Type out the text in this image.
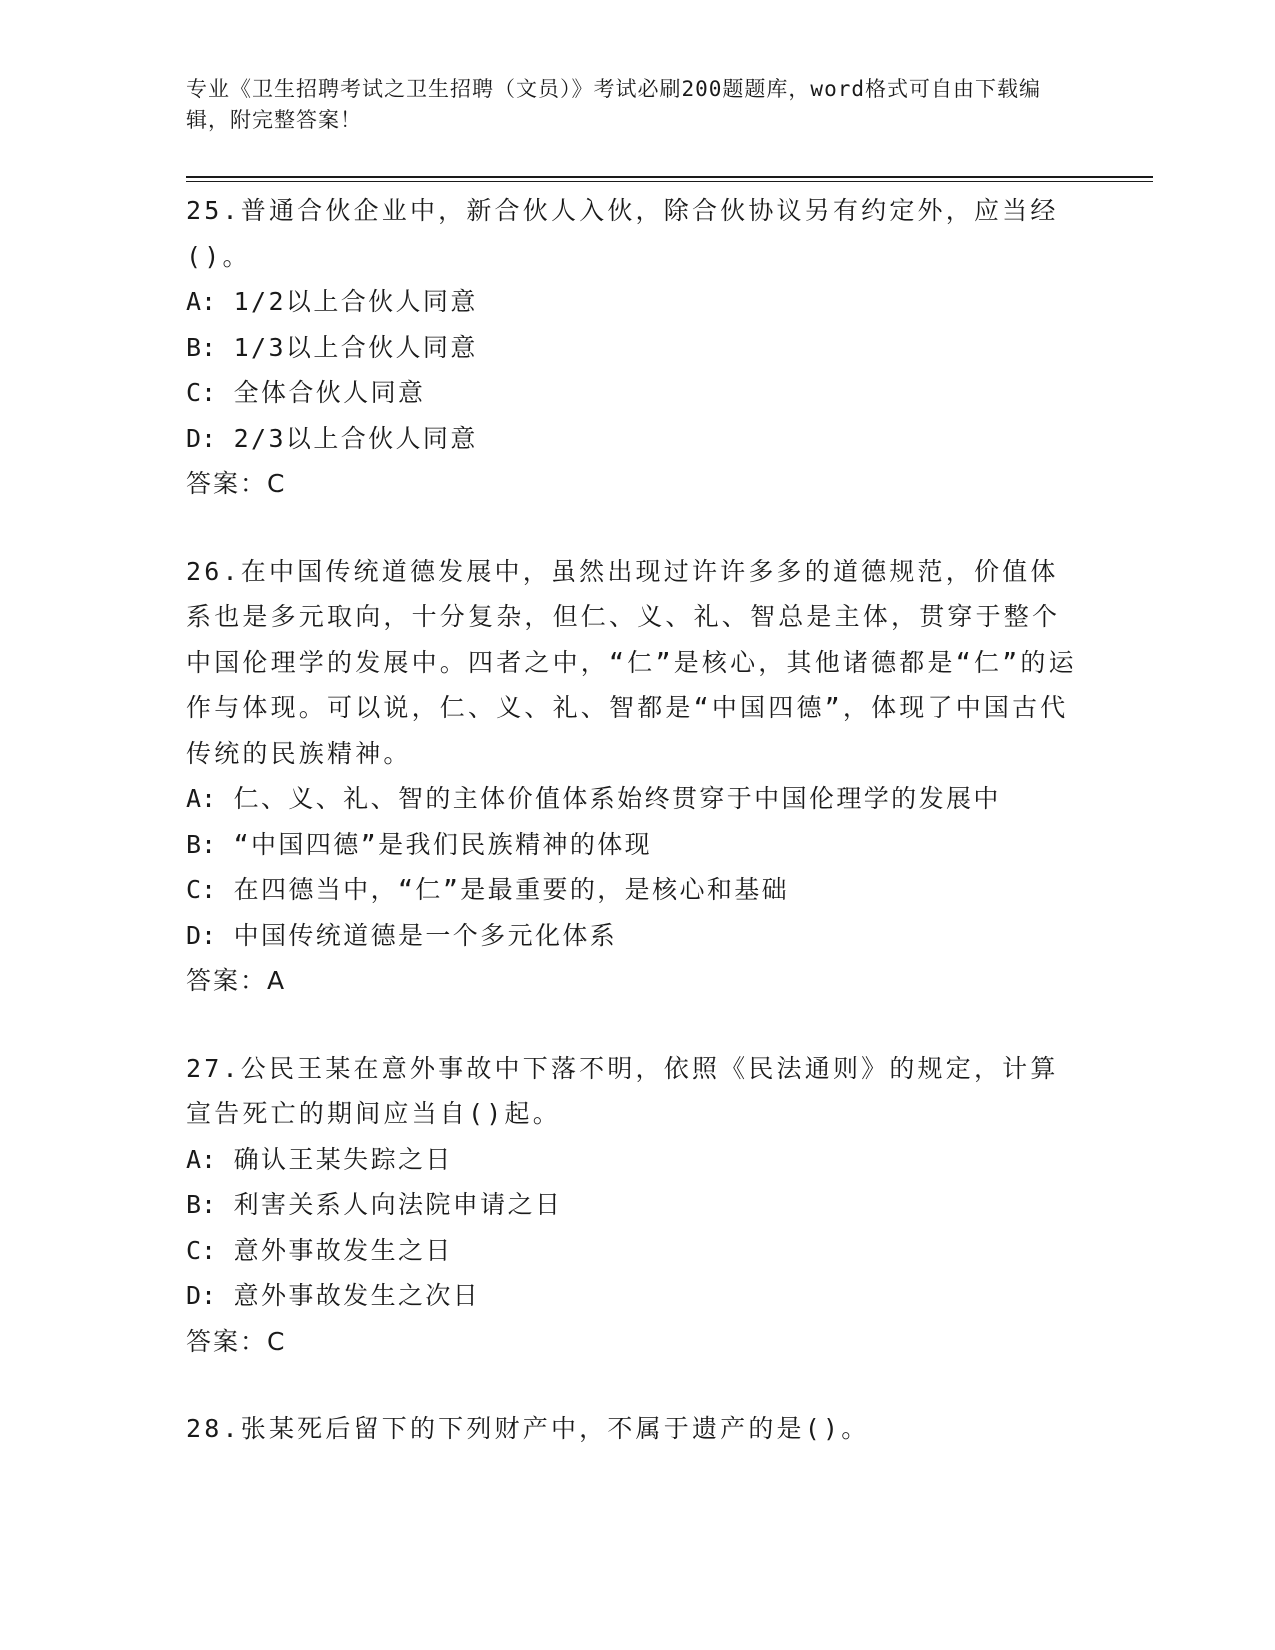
专业《卫生招聘考试之卫生招聘（文员）》考试必刷200题题库，word格式可自由下载编辑，附完整答案！

25.普通合伙企业中，新合伙人入伙，除合伙协议另有约定外，应当经()。

A: 1/2以上合伙人同意

B: 1/3以上合伙人同意

C: 全体合伙人同意

D: 2/3以上合伙人同意

答案：C

26.在中国传统道德发展中，虽然出现过许许多多的道德规范，价值体系也是多元取向，十分复杂，但仁、义、礼、智总是主体，贯穿于整个中国伦理学的发展中。四者之中，“仁”是核心，其他诸德都是“仁”的运作与体现。可以说，仁、义、礼、智都是“中国四德”，体现了中国古代传统的民族精神。

A: 仁、义、礼、智的主体价值体系始终贯穿于中国伦理学的发展中

B: “中国四德”是我们民族精神的体现

C: 在四德当中，“仁”是最重要的，是核心和基础

D: 中国传统道德是一个多元化体系

答案：A

27.公民王某在意外事故中下落不明，依照《民法通则》的规定，计算宣告死亡的期间应当自()起。

A: 确认王某失踪之日

B: 利害关系人向法院申请之日

C: 意外事故发生之日

D: 意外事故发生之次日

答案：C

28.张某死后留下的下列财产中，不属于遗产的是()。
